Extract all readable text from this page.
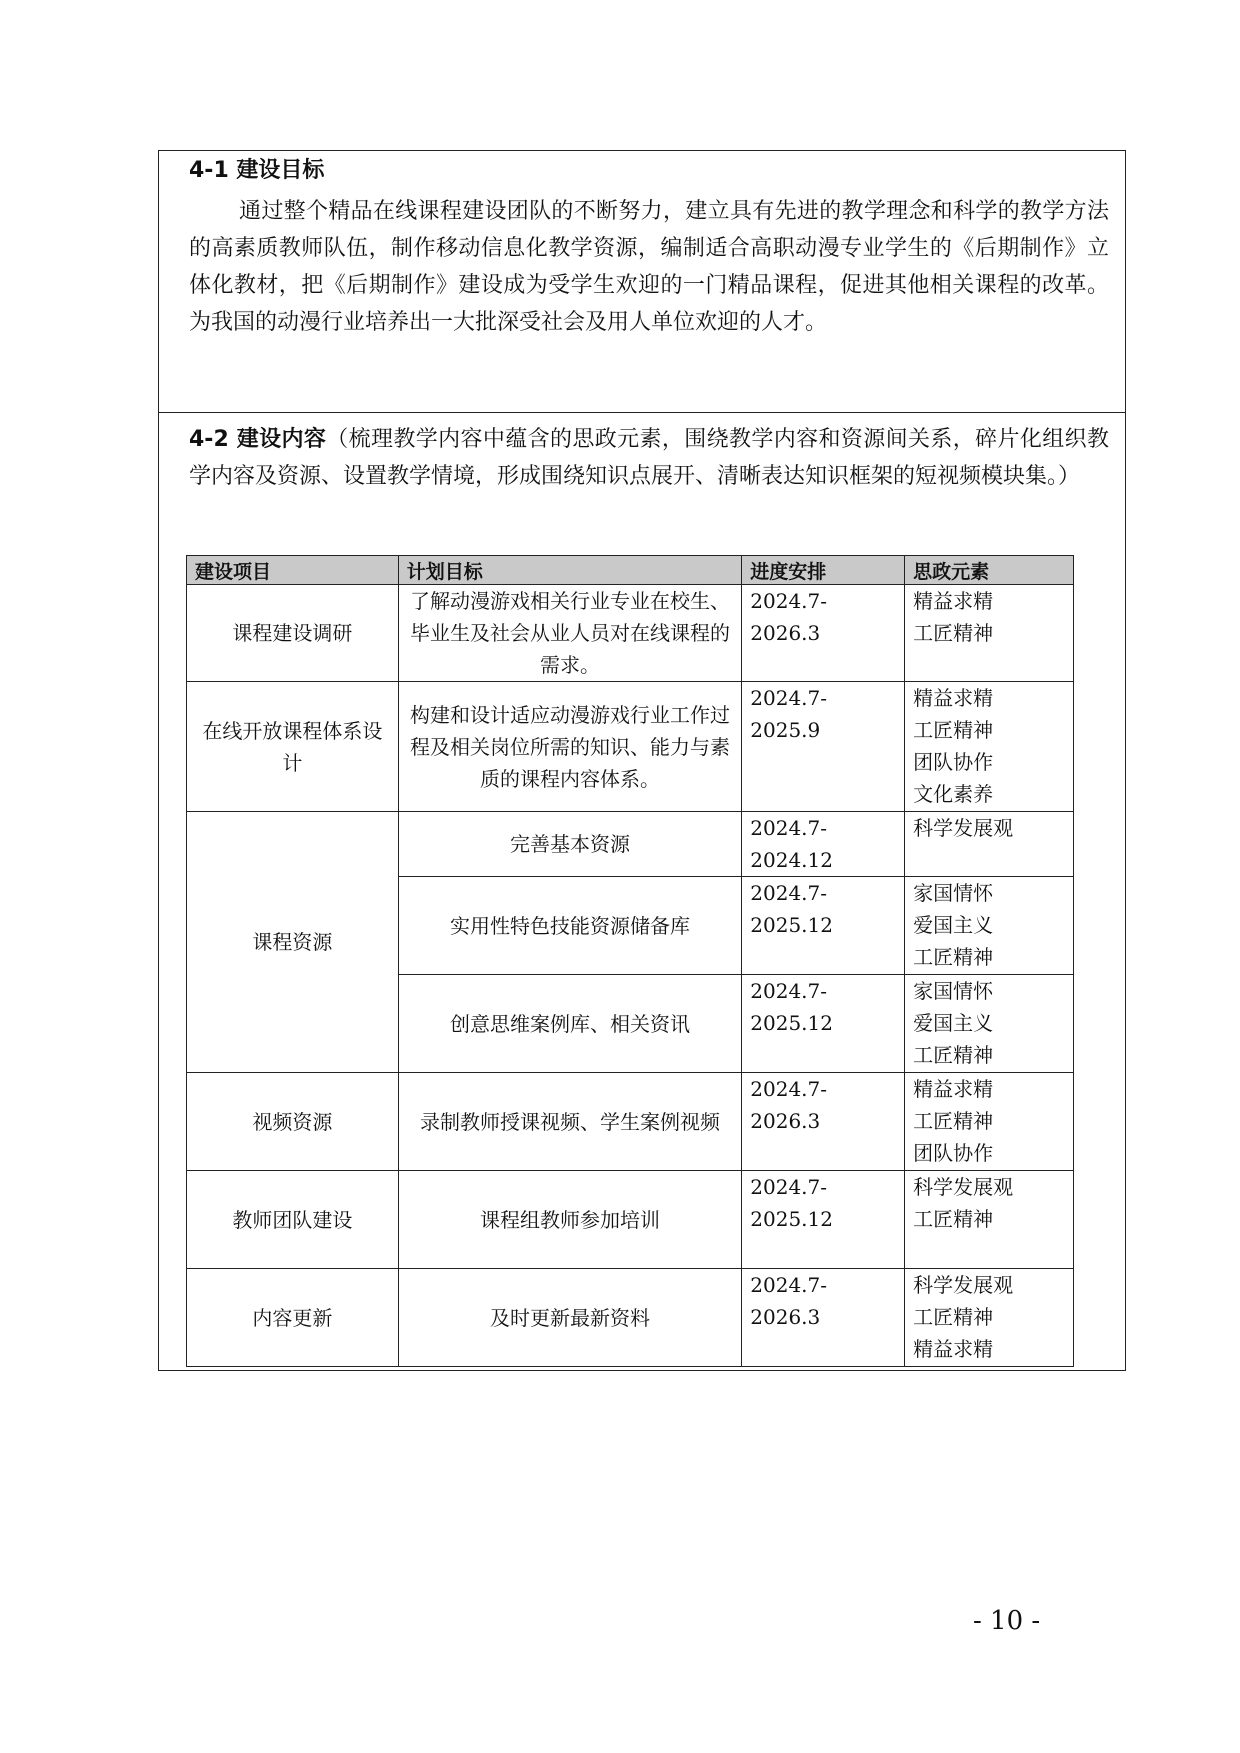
4-1 建设目标
通过整个精品在线课程建设团队的不断努力，建立具有先进的教学理念和科学的教学方法的高素质教师队伍，制作移动信息化教学资源，编制适合高职动漫专业学生的《后期制作》立体化教材，把《后期制作》建设成为受学生欢迎的一门精品课程，促进其他相关课程的改革。为我国的动漫行业培养出一大批深受社会及用人单位欢迎的人才。
4-2 建设内容（梳理教学内容中蕴含的思政元素，围绕教学内容和资源间关系，碎片化组织教学内容及资源、设置教学情境，形成围绕知识点展开、清晰表达知识框架的短视频模块集。）
建设项目	计划目标	进度安排	思政元素
课程建设调研	了解动漫游戏相关行业专业在校生、毕业生及社会从业人员对在线课程的需求。	2024.7-2026.3	精益求精
工匠精神
在线开放课程体系设计	构建和设计适应动漫游戏行业工作过程及相关岗位所需的知识、能力与素质的课程内容体系。	2024.7-2025.9	精益求精
工匠精神
团队协作
文化素养
课程资源	完善基本资源	2024.7-2024.12	科学发展观
	实用性特色技能资源储备库	2024.7-2025.12	家国情怀
爱国主义
工匠精神
	创意思维案例库、相关资讯	2024.7-2025.12	家国情怀
爱国主义
工匠精神
视频资源	录制教师授课视频、学生案例视频	2024.7-2026.3	精益求精
工匠精神
团队协作
教师团队建设	课程组教师参加培训	2024.7-2025.12	科学发展观
工匠精神
内容更新	及时更新最新资料	2024.7-2026.3	科学发展观
工匠精神
精益求精
- 10 -
